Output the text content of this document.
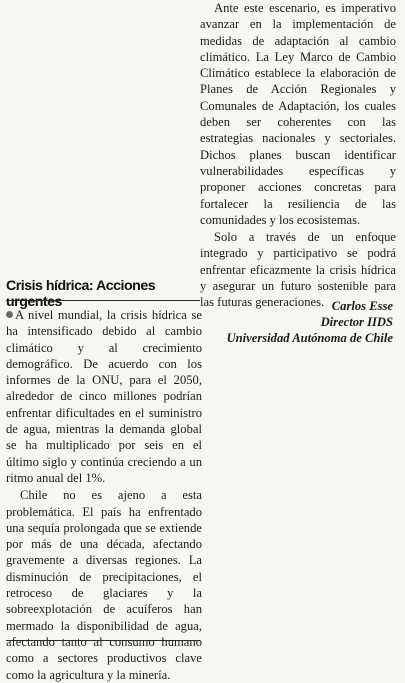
Ante este escenario, es imperativo avanzar en la implementación de medidas de adaptación al cambio climático. La Ley Marco de Cambio Climático establece la elaboración de Planes de Acción Regionales y Comunales de Adaptación, los cuales deben ser coherentes con las estrategias nacionales y sectoriales. Dichos planes buscan identificar vulnerabilidades específicas y proponer acciones concretas para fortalecer la resiliencia de las comunidades y los ecosistemas.

Solo a través de un enfoque integrado y participativo se podrá enfrentar eficazmente la crisis hídrica y asegurar un futuro sostenible para las futuras generaciones. Carlos Esse
Director IIDS
Universidad Autónoma de Chile
Crisis hídrica: Acciones urgentes

A nivel mundial, la crisis hídrica se ha intensificado debido al cambio climático y al crecimiento demográfico. De acuerdo con los informes de la ONU, para el 2050, alrededor de cinco millones podrían enfrentar dificultades en el suministro de agua, mientras la demanda global se ha multiplicado por seis en el último siglo y continúa creciendo a un ritmo anual del 1%.

Chile no es ajeno a esta problemática. El país ha enfrentado una sequía prolongada que se extiende por más de una década, afectando gravemente a diversas regiones. La disminución de precipitaciones, el retroceso de glaciares y la sobreexplotación de acuíferos han mermado la disponibilidad de agua, afectando tanto al consumo humano como a sectores productivos clave como la agricultura y la minería.
